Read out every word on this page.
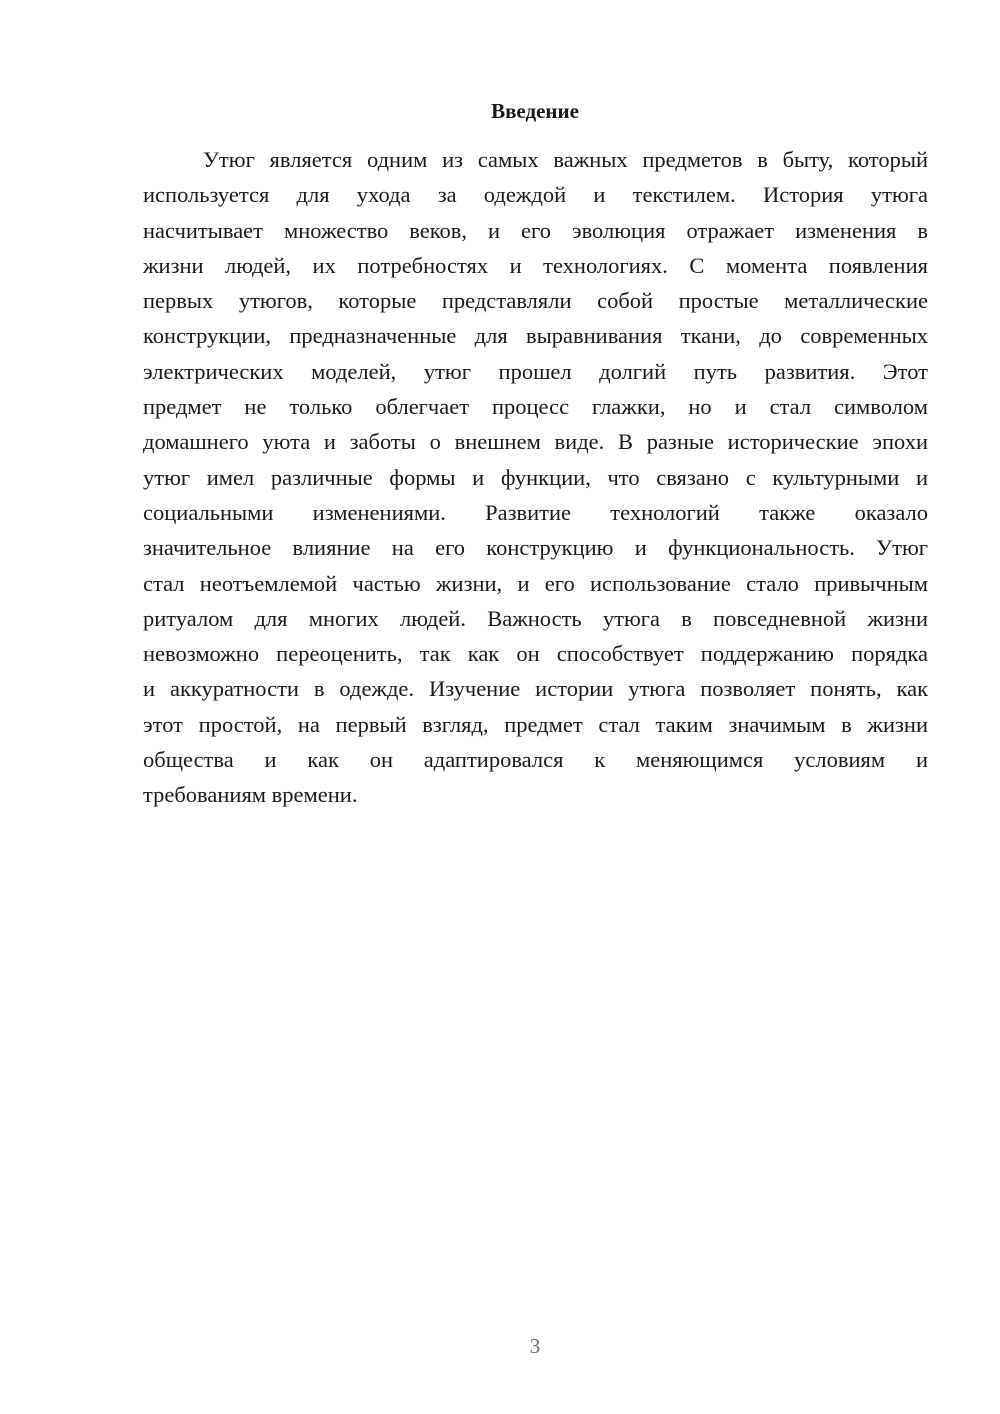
Введение
Утюг является одним из самых важных предметов в быту, который
используется для ухода за одеждой и текстилем. История утюга
насчитывает множество веков, и его эволюция отражает изменения в
жизни людей, их потребностях и технологиях. С момента появления
первых утюгов, которые представляли собой простые металлические
конструкции, предназначенные для выравнивания ткани, до современных
электрических моделей, утюг прошел долгий путь развития. Этот
предмет не только облегчает процесс глажки, но и стал символом
домашнего уюта и заботы о внешнем виде. В разные исторические эпохи
утюг имел различные формы и функции, что связано с культурными и
социальными изменениями. Развитие технологий также оказало
значительное влияние на его конструкцию и функциональность. Утюг
стал неотъемлемой частью жизни, и его использование стало привычным
ритуалом для многих людей. Важность утюга в повседневной жизни
невозможно переоценить, так как он способствует поддержанию порядка
и аккуратности в одежде. Изучение истории утюга позволяет понять, как
этот простой, на первый взгляд, предмет стал таким значимым в жизни
общества и как он адаптировался к меняющимся условиям и
требованиям времени.
3
